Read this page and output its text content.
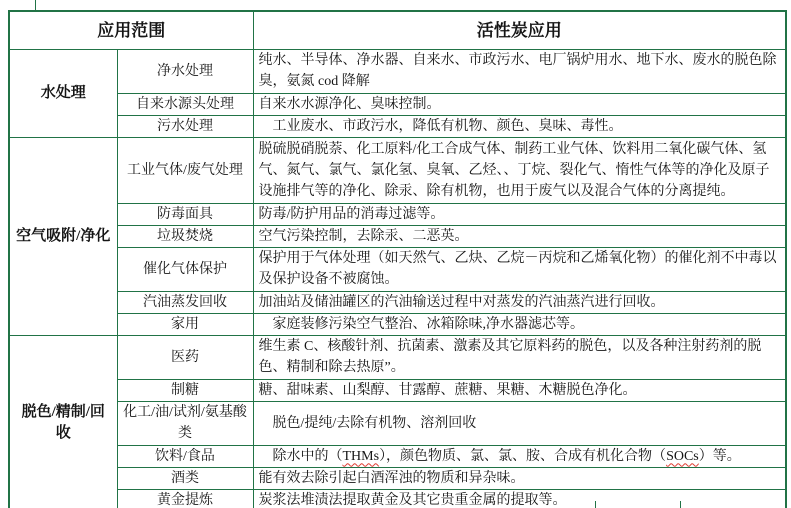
应用范围		活性炭应用
水处理	净水处理	纯水、半导体、净水器、自来水、市政污水、电厂锅炉用水、地下水、废水的脱色除臭，氨氮 cod 降解
	自来水源头处理	自来水水源净化、臭味控制。
	污水处理	　工业废水、市政污水，降低有机物、颜色、臭味、毒性。
空气吸附/净化	工业气体/废气处理	脱硫脱硝脱萘、化工原料/化工合成气体、制药工业气体、饮料用二氧化碳气体、氢气、氮气、氯气、氯化氢、臭氧、乙烃、、丁烷、裂化气、惰性气体等的净化及原子设施排气等的净化、除汞、除有机物，也用于废气以及混合气体的分离提纯。
	防毒面具	防毒/防护用品的消毒过滤等。
	垃圾焚烧	空气污染控制，去除汞、二恶英。
	催化气体保护	保护用于气体处理（如天然气、乙炔、乙烷－丙烷和乙烯氧化物）的催化剂不中毒以及保护设备不被腐蚀。
	汽油蒸发回收	加油站及储油罐区的汽油输送过程中对蒸发的汽油蒸汽进行回收。
	家用	　家庭装修污染空气整治、冰箱除味,净水器滤芯等。
脱色/精制/回收	医药	维生素 C、核酸针剂、抗菌素、激素及其它原料药的脱色，以及各种注射药剂的脱色、精制和除去热原”。
	制糖	糖、甜味素、山梨醇、甘露醇、蔗糖、果糖、木糖脱色净化。
	化工/油/试剂/氨基酸类	　脱色/提纯/去除有机物、溶剂回收
	饮料/食品	　除水中的（THMs），颜色物质、氯、氯、胺、合成有机化合物（SOCs）等。
	酒类	能有效去除引起白酒浑浊的物质和异杂味。
	黄金提炼	炭浆法堆渍法提取黄金及其它贵重金属的提取等。
